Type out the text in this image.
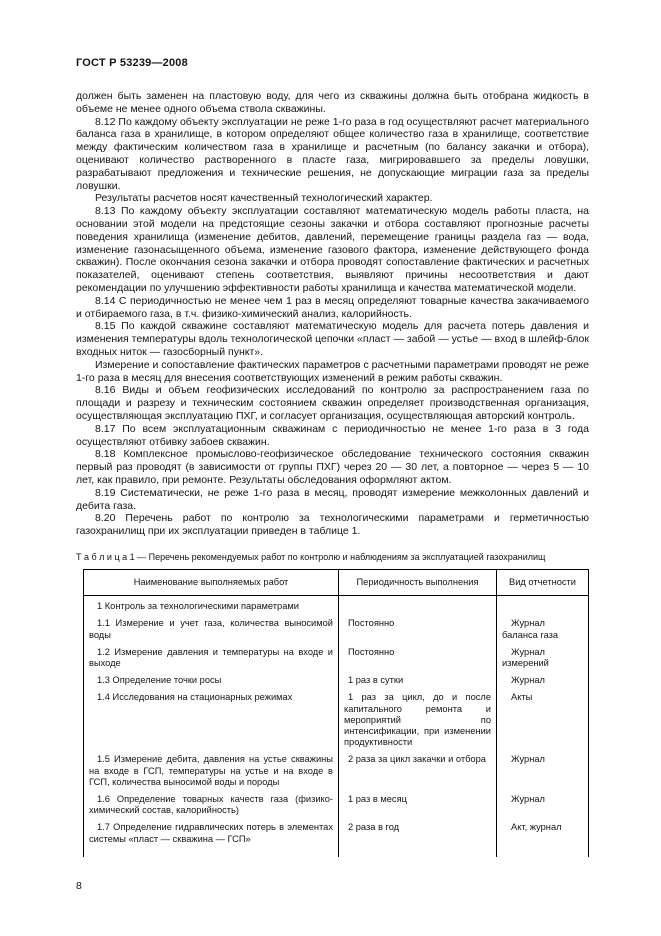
ГОСТ Р 53239—2008

должен быть заменен на пластовую воду, для чего из скважины должна быть отобрана жидкость в объеме не менее одного объема ствола скважины.

8.12 По каждому объекту эксплуатации не реже 1-го раза в год осуществляют расчет материального баланса газа в хранилище, в котором определяют общее количество газа в хранилище, соответствие между фактическим количеством газа в хранилище и расчетным (по балансу закачки и отбора), оценивают количество растворенного в пласте газа, мигрировавшего за пределы ловушки, разрабатывают предложения и технические решения, не допускающие миграции газа за пределы ловушки.

Результаты расчетов носят качественный технологический характер.

8.13 По каждому объекту эксплуатации составляют математическую модель работы пласта, на основании этой модели на предстоящие сезоны закачки и отбора составляют прогнозные расчеты поведения хранилища (изменение дебитов, давлений, перемещение границы раздела газ — вода, изменение газонасыщенного объема, изменение газового фактора, изменение действующего фонда скважин). После окончания сезона закачки и отбора проводят сопоставление фактических и расчетных показателей, оценивают степень соответствия, выявляют причины несоответствия и дают рекомендации по улучшению эффективности работы хранилища и качества математической модели.

8.14 С периодичностью не менее чем 1 раз в месяц определяют товарные качества закачиваемого и отбираемого газа, в т.ч. физико-химический анализ, калорийность.

8.15 По каждой скважине составляют математическую модель для расчета потерь давления и изменения температуры вдоль технологической цепочки «пласт — забой — устье — вход в шлейф-блок входных ниток — газосборный пункт».

Измерение и сопоставление фактических параметров с расчетными параметрами проводят не реже 1-го раза в месяц для внесения соответствующих изменений в режим работы скважин.

8.16 Виды и объем геофизических исследований по контролю за распространением газа по площади и разрезу и техническим состоянием скважин определяет производственная организация, осуществляющая эксплуатацию ПХГ, и согласует организация, осуществляющая авторский контроль.

8.17 По всем эксплуатационным скважинам с периодичностью не менее 1-го раза в 3 года осуществляют отбивку забоев скважин.

8.18 Комплексное промыслово-геофизическое обследование технического состояния скважин первый раз проводят (в зависимости от группы ПХГ) через 20 — 30 лет, а повторное — через 5 — 10 лет, как правило, при ремонте. Результаты обследования оформляют актом.

8.19 Систематически, не реже 1-го раза в месяц, проводят измерение межколонных давлений и дебита газа.

8.20 Перечень работ по контролю за технологическими параметрами и герметичностью газохранилищ при их эксплуатации приведен в таблице 1.

Т а б л и ц а 1 — Перечень рекомендуемых работ по контролю и наблюдениям за эксплуатацией газохранилищ
Наименование выполняемых работ	Периодичность выполнения	Вид отчетности
1 Контроль за технологическими параметрами		
1.1 Измерение и учет газа, количества выносимой воды	Постоянно	Журнал баланса газа
1.2 Измерение давления и температуры на входе и выходе	Постоянно	Журнал измерений
1.3 Определение точки росы	1 раз в сутки	Журнал
1.4 Исследования на стационарных режимах	1 раз за цикл, до и после капитального ремонта и мероприятий по интенсификации, при изменении продуктивности	Акты
1.5 Измерение дебита, давления на устье скважины на входе в ГСП, температуры на устье и на входе в ГСП, количества выносимой воды и породы	2 раза за цикл закачки и отбора	Журнал
1.6 Определение товарных качеств газа (физико-химический состав, калорийность)	1 раз в месяц	Журнал
1.7 Определение гидравлических потерь в элементах системы «пласт — скважина — ГСП»	2 раза в год	Акт, журнал
8
